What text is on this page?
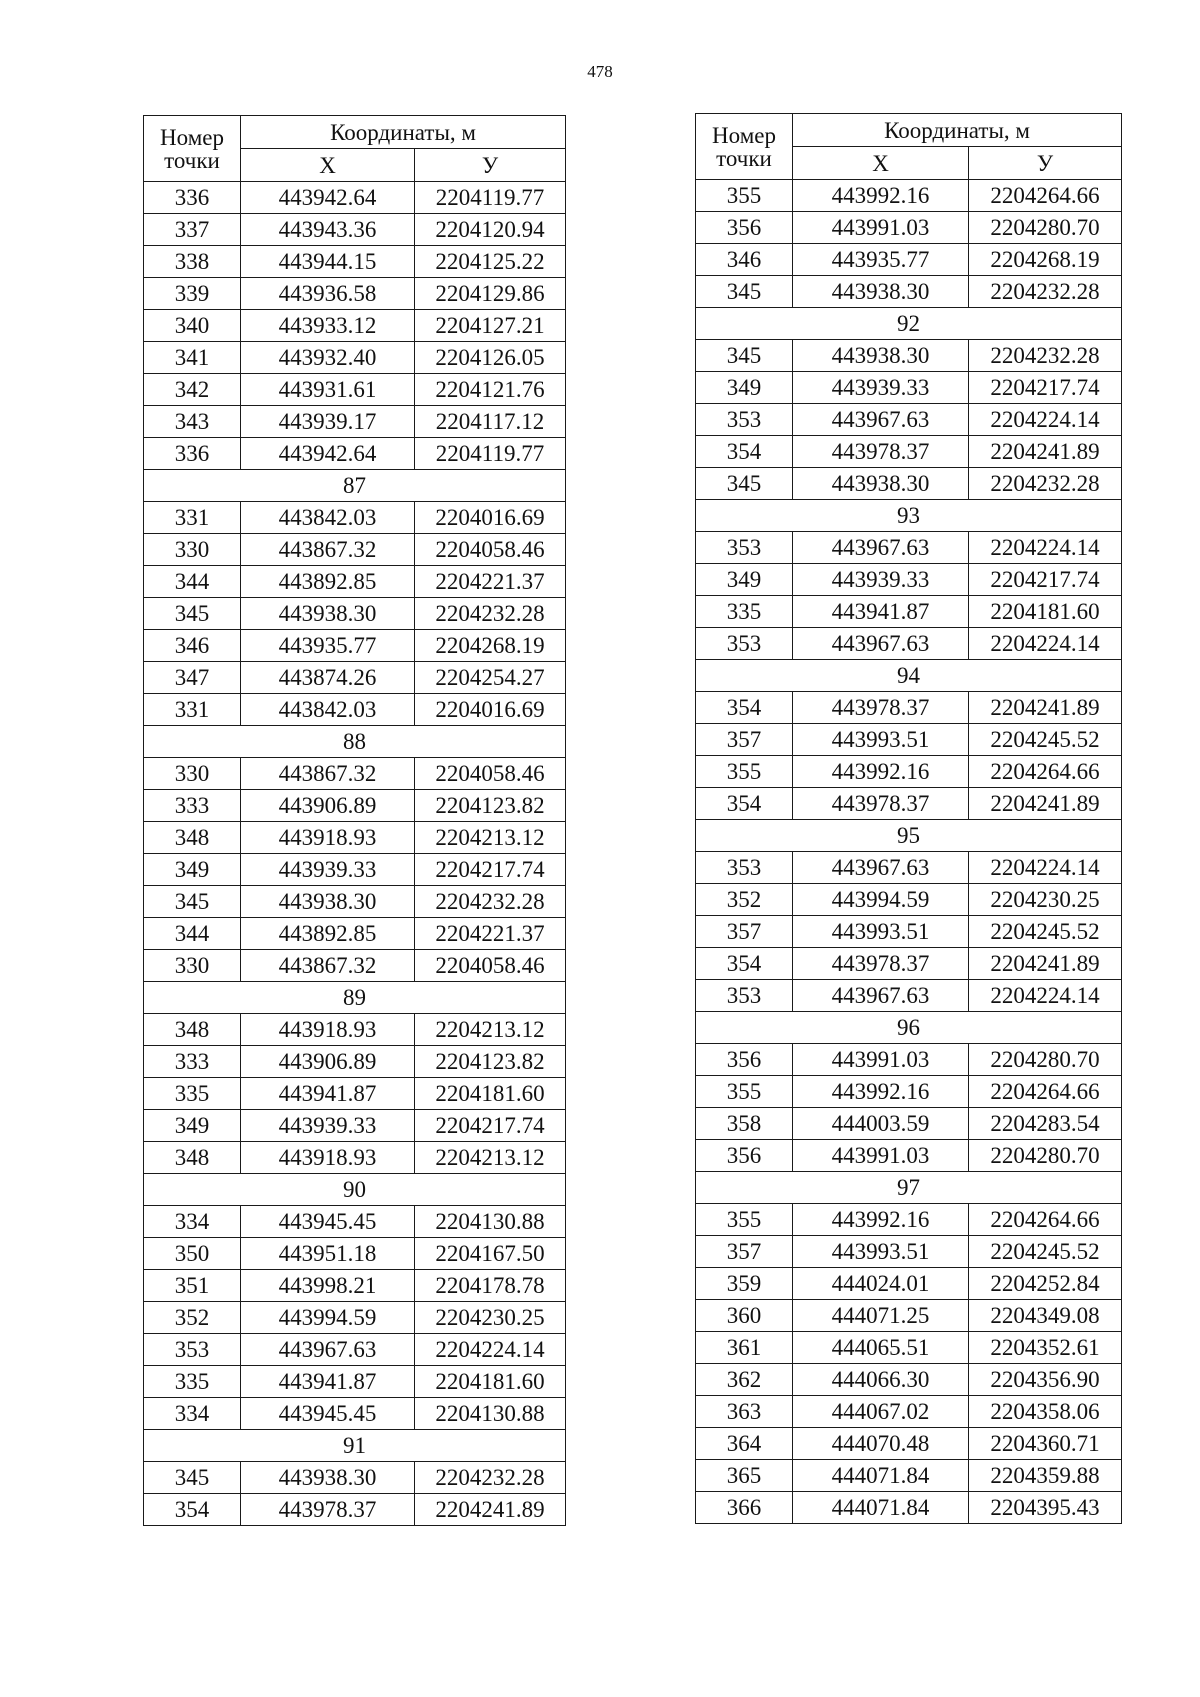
478
Номер
точки	Координаты, м	
	X	У
336	443942.64	2204119.77
337	443943.36	2204120.94
338	443944.15	2204125.22
339	443936.58	2204129.86
340	443933.12	2204127.21
341	443932.40	2204126.05
342	443931.61	2204121.76
343	443939.17	2204117.12
336	443942.64	2204119.77
87		
331	443842.03	2204016.69
330	443867.32	2204058.46
344	443892.85	2204221.37
345	443938.30	2204232.28
346	443935.77	2204268.19
347	443874.26	2204254.27
331	443842.03	2204016.69
88		
330	443867.32	2204058.46
333	443906.89	2204123.82
348	443918.93	2204213.12
349	443939.33	2204217.74
345	443938.30	2204232.28
344	443892.85	2204221.37
330	443867.32	2204058.46
89		
348	443918.93	2204213.12
333	443906.89	2204123.82
335	443941.87	2204181.60
349	443939.33	2204217.74
348	443918.93	2204213.12
90		
334	443945.45	2204130.88
350	443951.18	2204167.50
351	443998.21	2204178.78
352	443994.59	2204230.25
353	443967.63	2204224.14
335	443941.87	2204181.60
334	443945.45	2204130.88
91		
345	443938.30	2204232.28
354	443978.37	2204241.89
Номер
точки	Координаты, м	
	X	У
355	443992.16	2204264.66
356	443991.03	2204280.70
346	443935.77	2204268.19
345	443938.30	2204232.28
92		
345	443938.30	2204232.28
349	443939.33	2204217.74
353	443967.63	2204224.14
354	443978.37	2204241.89
345	443938.30	2204232.28
93		
353	443967.63	2204224.14
349	443939.33	2204217.74
335	443941.87	2204181.60
353	443967.63	2204224.14
94		
354	443978.37	2204241.89
357	443993.51	2204245.52
355	443992.16	2204264.66
354	443978.37	2204241.89
95		
353	443967.63	2204224.14
352	443994.59	2204230.25
357	443993.51	2204245.52
354	443978.37	2204241.89
353	443967.63	2204224.14
96		
356	443991.03	2204280.70
355	443992.16	2204264.66
358	444003.59	2204283.54
356	443991.03	2204280.70
97		
355	443992.16	2204264.66
357	443993.51	2204245.52
359	444024.01	2204252.84
360	444071.25	2204349.08
361	444065.51	2204352.61
362	444066.30	2204356.90
363	444067.02	2204358.06
364	444070.48	2204360.71
365	444071.84	2204359.88
366	444071.84	2204395.43
